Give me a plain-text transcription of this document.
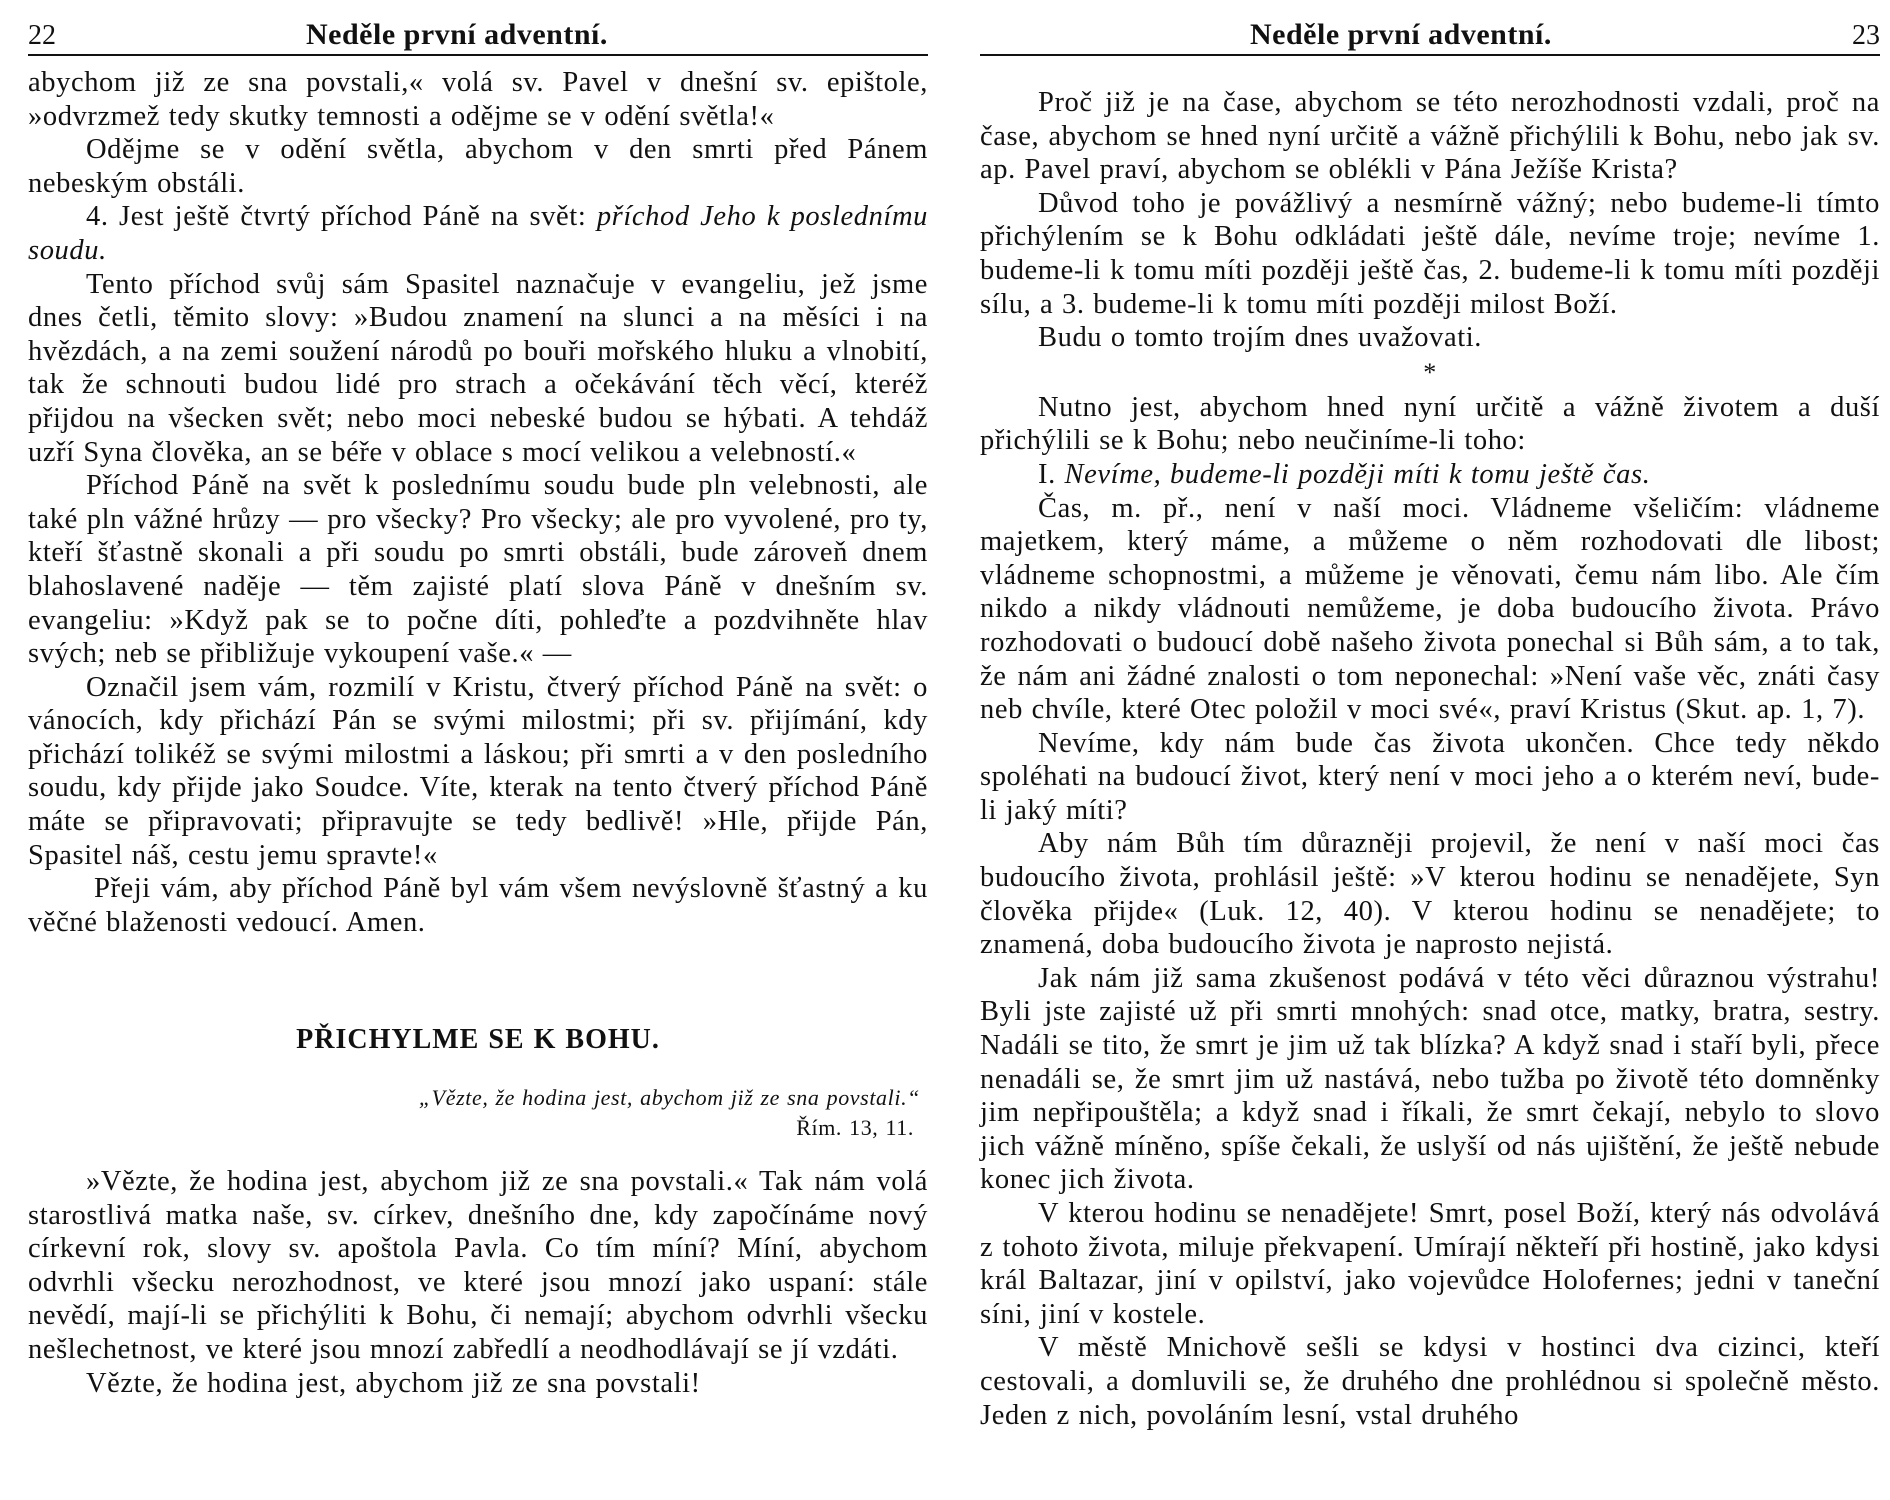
22	Neděle první adventní.

abychom již ze sna povstali,« volá sv. Pavel v dnešní sv. epištole, »odvrzmež tedy skutky temnosti a odějme se v odění světla!«

Odějme se v odění světla, abychom v den smrti před Pánem nebeským obstáli.

4. Jest ještě čtvrtý příchod Páně na svět: příchod Jeho k poslednímu soudu.

Tento příchod svůj sám Spasitel naznačuje v evangeliu, jež jsme dnes četli, těmito slovy: »Budou znamení na slunci a na měsíci i na hvězdách, a na zemi soužení národů po bouři mořského hluku a vlnobití, tak že schnouti budou lidé pro strach a očekávání těch věcí, kteréž přijdou na všecken svět; nebo moci nebeské budou se hýbati. A tehdáž uzří Syna člověka, an se béře v oblace s mocí velikou a velebností.«

Příchod Páně na svět k poslednímu soudu bude pln velebnosti, ale také pln vážné hrůzy — pro všecky? Pro všecky; ale pro vyvolené, pro ty, kteří šťastně skonali a při soudu po smrti obstáli, bude zároveň dnem blahoslavené naděje — těm zajisté platí slova Páně v dnešním sv. evangeliu: »Když pak se to počne díti, pohleďte a pozdvihněte hlav svých; neb se přibližuje vykoupení vaše.« —

Označil jsem vám, rozmilí v Kristu, čtverý příchod Páně na svět: o vánocích, kdy přichází Pán se svými milostmi; při sv. přijímání, kdy přichází tolikéž se svými milostmi a láskou; při smrti a v den posledního soudu, kdy přijde jako Soudce. Víte, kterak na tento čtverý příchod Páně máte se připravovati; připravujte se tedy bedlivě! »Hle, přijde Pán, Spasitel náš, cestu jemu spravte!«

Přeji vám, aby příchod Páně byl vám všem nevýslovně šťastný a ku věčné blaženosti vedoucí. Amen.

PŘICHYLME SE K BOHU.

„Vězte, že hodina jest, abychom již ze sna povstali.“

Řím. 13, 11.

»Vězte, že hodina jest, abychom již ze sna povstali.« Tak nám volá starostlivá matka naše, sv. církev, dnešního dne, kdy započínáme nový církevní rok, slovy sv. apoštola Pavla. Co tím míní? Míní, abychom odvrhli všecku nerozhodnost, ve které jsou mnozí jako uspaní: stále nevědí, mají-li se přichýliti k Bohu, či nemají; abychom odvrhli všecku nešlechetnost, ve které jsou mnozí zabředlí a neodhodlávají se jí vzdáti.

Vězte, že hodina jest, abychom již ze sna povstali!

Neděle první adventní.	23

Proč již je na čase, abychom se této nerozhodnosti vzdali, proč na čase, abychom se hned nyní určitě a vážně přichýlili k Bohu, nebo jak sv. ap. Pavel praví, abychom se oblékli v Pána Ježíše Krista?

Důvod toho je povážlivý a nesmírně vážný; nebo budeme-li tímto přichýlením se k Bohu odkládati ještě dále, nevíme troje; nevíme 1. budeme-li k tomu míti později ještě čas, 2. budeme-li k tomu míti později sílu, a 3. budeme-li k tomu míti později milost Boží.

Budu o tomto trojím dnes uvažovati.

*

Nutno jest, abychom hned nyní určitě a vážně životem a duší přichýlili se k Bohu; nebo neučiníme-li toho:

I. Nevíme, budeme-li později míti k tomu ještě čas.

Čas, m. př., není v naší moci. Vládneme všeličím: vládneme majetkem, který máme, a můžeme o něm rozhodovati dle libost; vládneme schopnostmi, a můžeme je věnovati, čemu nám libo. Ale čím nikdo a nikdy vládnouti nemůžeme, je doba budoucího života. Právo rozhodovati o budoucí době našeho života ponechal si Bůh sám, a to tak, že nám ani žádné znalosti o tom neponechal: »Není vaše věc, znáti časy neb chvíle, které Otec položil v moci své«, praví Kristus (Skut. ap. 1, 7).

Nevíme, kdy nám bude čas života ukončen. Chce tedy někdo spoléhati na budoucí život, který není v moci jeho a o kterém neví, bude-li jaký míti?

Aby nám Bůh tím důrazněji projevil, že není v naší moci čas budoucího života, prohlásil ještě: »V kterou hodinu se nenadějete, Syn člověka přijde« (Luk. 12, 40). V kterou hodinu se nenadějete; to znamená, doba budoucího života je naprosto nejistá.

Jak nám již sama zkušenost podává v této věci důraznou výstrahu! Byli jste zajisté už při smrti mnohých: snad otce, matky, bratra, sestry. Nadáli se tito, že smrt je jim už tak blízka? A když snad i staří byli, přece nenadáli se, že smrt jim už nastává, nebo tužba po životě této domněnky jim nepřipouštěla; a když snad i říkali, že smrt čekají, nebylo to slovo jich vážně míněno, spíše čekali, že uslyší od nás ujištění, že ještě nebude konec jich života.

V kterou hodinu se nenadějete! Smrt, posel Boží, který nás odvolává z tohoto života, miluje překvapení. Umírají někteří při hostině, jako kdysi král Baltazar, jiní v opilství, jako vojevůdce Holofernes; jedni v taneční síni, jiní v kostele.

V městě Mnichově sešli se kdysi v hostinci dva cizinci, kteří cestovali, a domluvili se, že druhého dne prohlédnou si společně město. Jeden z nich, povoláním lesní, vstal druhého
